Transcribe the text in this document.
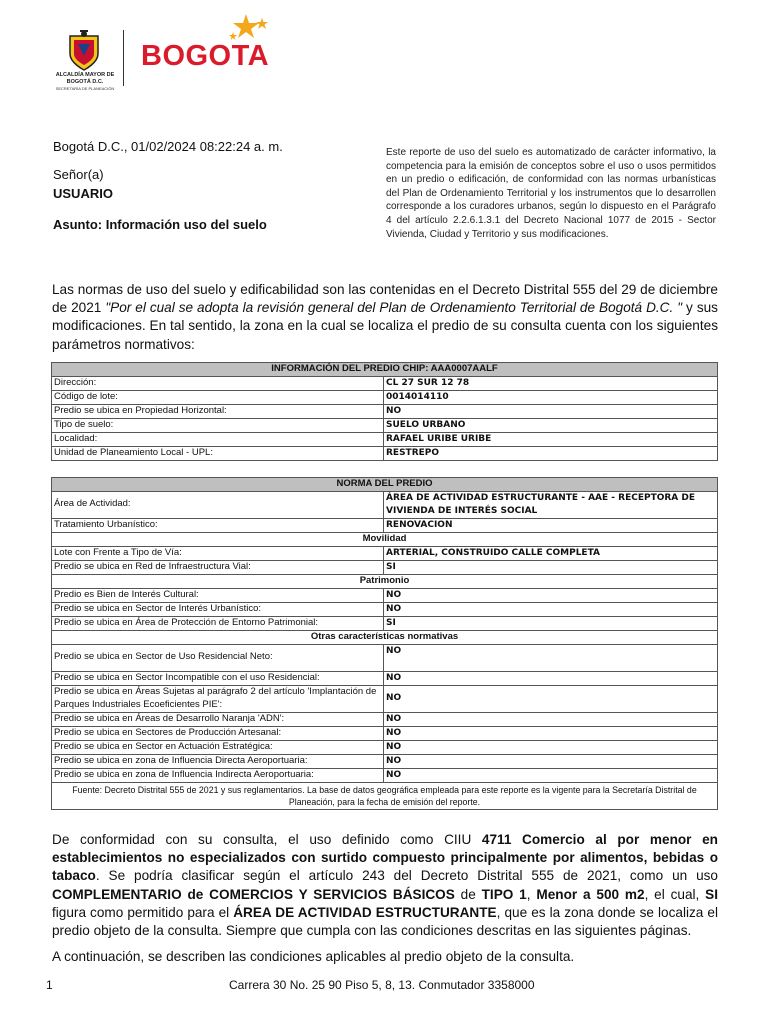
ALCALDÍA MAYOR DE BOGOTÁ D.C.
SECRETARÍA DE PLANEACIÓN
BOGOTA
Bogotá D.C., 01/02/2024 08:22:24 a. m.
Señor(a)
USUARIO
Asunto: Información uso del suelo
Este reporte de uso del suelo es automatizado de carácter informativo, la competencia para la emisión de conceptos sobre el uso o usos permitidos en un predio o edificación, de conformidad con las normas urbanísticas del Plan de Ordenamiento Territorial y los instrumentos que lo desarrollen corresponde a los curadores urbanos, según lo dispuesto en el Parágrafo 4 del artículo 2.2.6.1.3.1 del Decreto Nacional 1077 de 2015 - Sector Vivienda, Ciudad y Territorio y sus modificaciones.
Las normas de uso del suelo y edificabilidad son las contenidas en el Decreto Distrital 555 del 29 de diciembre de 2021 "Por el cual se adopta la revisión general del Plan de Ordenamiento Territorial de Bogotá D.C. " y sus modificaciones. En tal sentido, la zona en la cual se localiza el predio de su consulta cuenta con los siguientes parámetros normativos:
INFORMACIÓN DEL PREDIO CHIP: AAA0007AALF	
Dirección:	CL 27 SUR 12 78
Código de lote:	0014014110
Predio se ubica en Propiedad Horizontal:	NO
Tipo de suelo:	SUELO URBANO
Localidad:	RAFAEL URIBE URIBE
Unidad de Planeamiento Local - UPL:	RESTREPO
NORMA DEL PREDIO	
Área de Actividad:	ÁREA DE ACTIVIDAD ESTRUCTURANTE - AAE - RECEPTORA DE VIVIENDA DE INTERÉS SOCIAL
Tratamiento Urbanístico:	RENOVACION
Movilidad	
Lote con Frente a Tipo de Vía:	ARTERIAL, CONSTRUIDO CALLE COMPLETA
Predio se ubica en Red de Infraestructura Vial:	SI
Patrimonio	
Predio es Bien de Interés Cultural:	NO
Predio se ubica en Sector de Interés Urbanístico:	NO
Predio se ubica en Área de Protección de Entorno Patrimonial:	SI
Otras características normativas	
Predio se ubica en Sector de Uso Residencial Neto:	NO
Predio se ubica en Sector Incompatible con el uso Residencial:	NO
Predio se ubica en Áreas Sujetas al parágrafo 2 del artículo 'Implantación de Parques Industriales Ecoeficientes PIE':	NO
Predio se ubica en Áreas de Desarrollo Naranja 'ADN':	NO
Predio se ubica en Sectores de Producción Artesanal:	NO
Predio se ubica en Sector en Actuación Estratégica:	NO
Predio se ubica en zona de Influencia Directa Aeroportuaria:	NO
Predio se ubica en zona de Influencia Indirecta Aeroportuaria:	NO
Fuente: Decreto Distrital 555 de 2021 y sus reglamentarios. La base de datos geográfica empleada para este reporte es la vigente para la Secretaría Distrital de Planeación, para la fecha de emisión del reporte.	
De conformidad con su consulta, el uso definido como CIIU 4711 Comercio al por menor en establecimientos no especializados con surtido compuesto principalmente por alimentos, bebidas o tabaco. Se podría clasificar según el artículo 243 del Decreto Distrital 555 de 2021, como un uso COMPLEMENTARIO de COMERCIOS Y SERVICIOS BÁSICOS de TIPO 1, Menor a 500 m2, el cual, SI figura como permitido para el ÁREA DE ACTIVIDAD ESTRUCTURANTE, que es la zona donde se localiza el predio objeto de la consulta. Siempre que cumpla con las condiciones descritas en las siguientes páginas.
A continuación, se describen las condiciones aplicables al predio objeto de la consulta.
1	Carrera 30 No. 25 90 Piso 5, 8, 13. Conmutador 3358000
